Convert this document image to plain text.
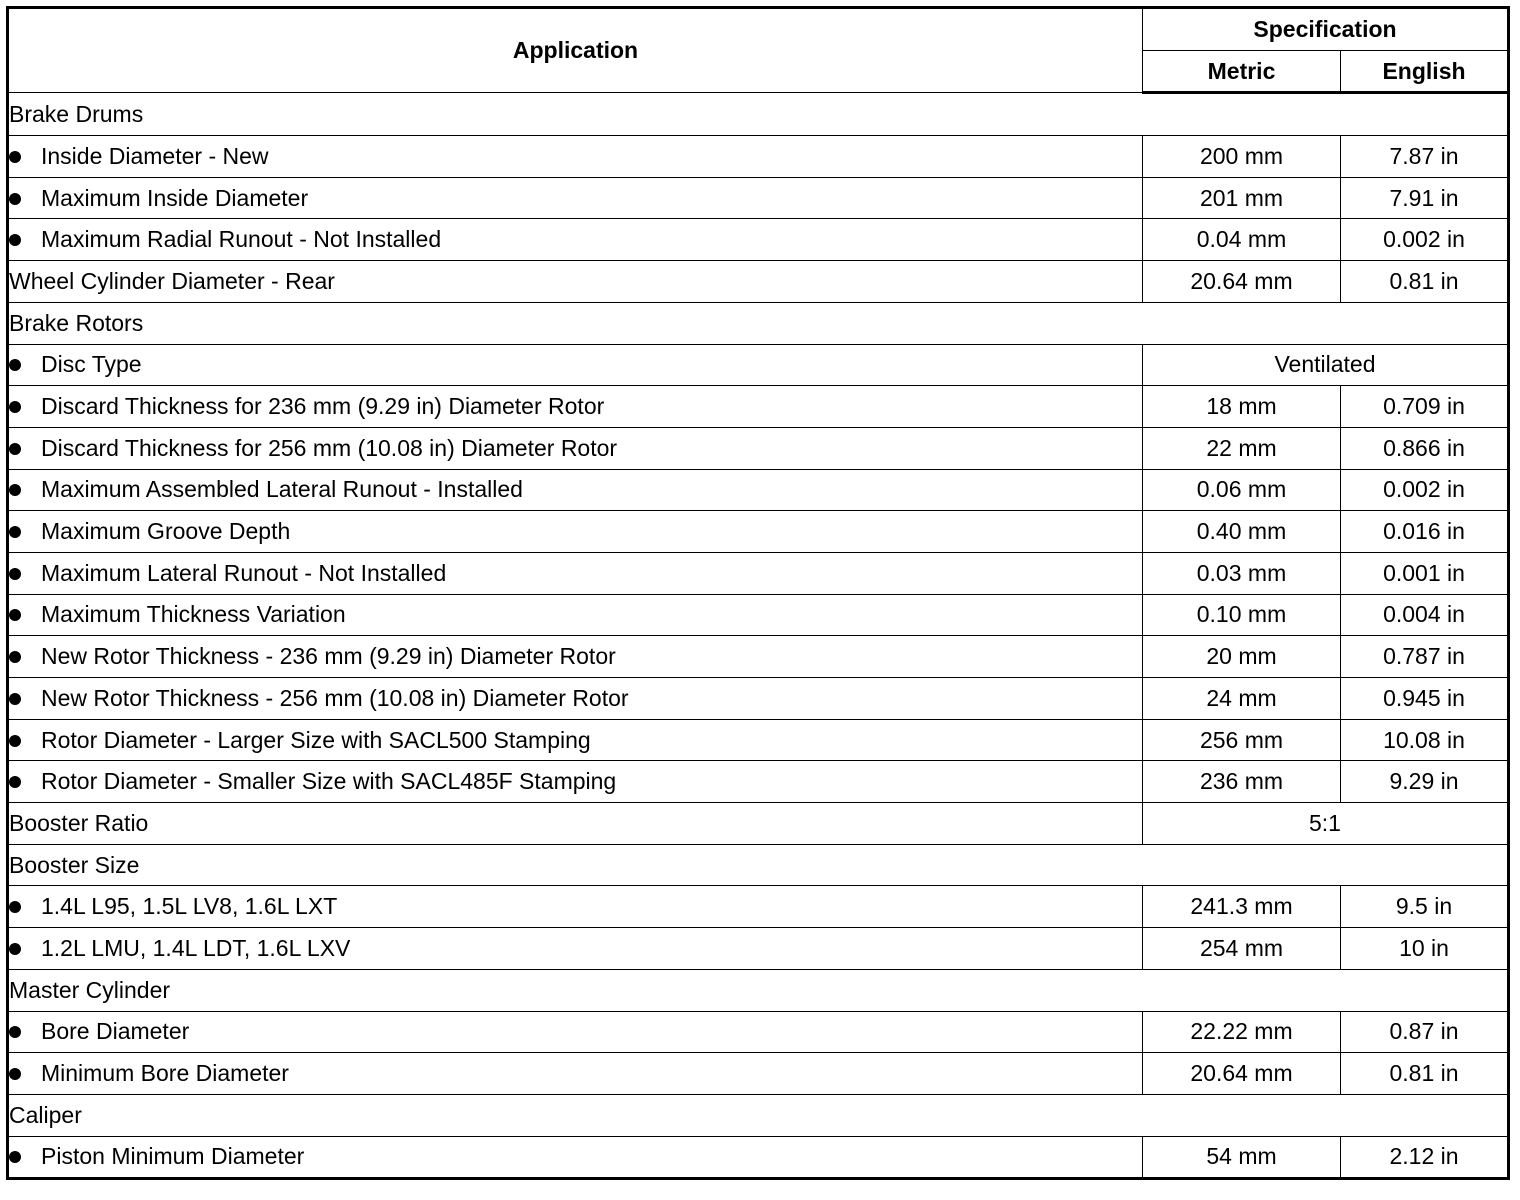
Application	Specification	
	Metric	English
Brake Drums		
Inside Diameter - New	200 mm	7.87 in
Maximum Inside Diameter	201 mm	7.91 in
Maximum Radial Runout - Not Installed	0.04 mm	0.002 in
Wheel Cylinder Diameter - Rear	20.64 mm	0.81 in
Brake Rotors		
Disc Type	Ventilated	
Discard Thickness for 236 mm (9.29 in) Diameter Rotor	18 mm	0.709 in
Discard Thickness for 256 mm (10.08 in) Diameter Rotor	22 mm	0.866 in
Maximum Assembled Lateral Runout - Installed	0.06 mm	0.002 in
Maximum Groove Depth	0.40 mm	0.016 in
Maximum Lateral Runout - Not Installed	0.03 mm	0.001 in
Maximum Thickness Variation	0.10 mm	0.004 in
New Rotor Thickness - 236 mm (9.29 in) Diameter Rotor	20 mm	0.787 in
New Rotor Thickness - 256 mm (10.08 in) Diameter Rotor	24 mm	0.945 in
Rotor Diameter - Larger Size with SACL500 Stamping	256 mm	10.08 in
Rotor Diameter - Smaller Size with SACL485F Stamping	236 mm	9.29 in
Booster Ratio	5:1	
Booster Size		
1.4L L95, 1.5L LV8, 1.6L LXT	241.3 mm	9.5 in
1.2L LMU, 1.4L LDT, 1.6L LXV	254 mm	10 in
Master Cylinder		
Bore Diameter	22.22 mm	0.87 in
Minimum Bore Diameter	20.64 mm	0.81 in
Caliper		
Piston Minimum Diameter	54 mm	2.12 in
